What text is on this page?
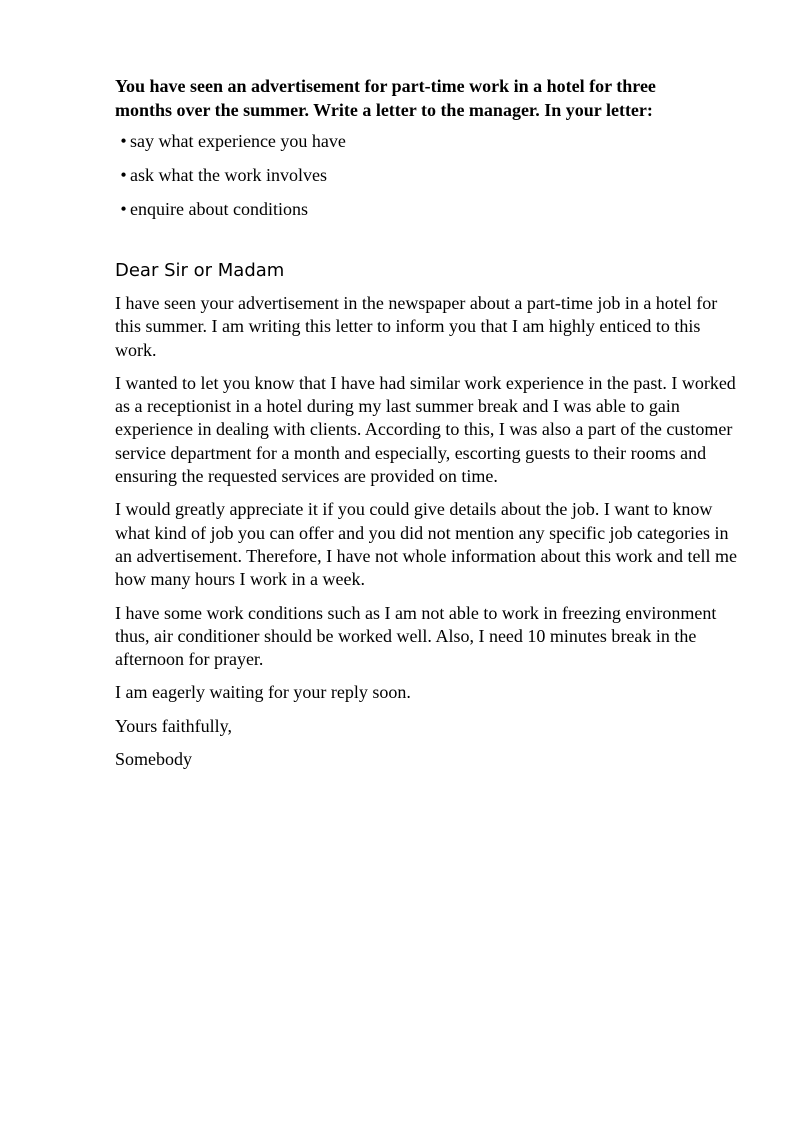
You have seen an advertisement for part-time work in a hotel for three months over the summer. Write a letter to the manager. In your letter:

• say what experience you have
• ask what the work involves
• enquire about conditions

Dear Sir or Madam

I have seen your advertisement in the newspaper about a part-time job in a hotel for this summer. I am writing this letter to inform you that I am highly enticed to this work.

I wanted to let you know that I have had similar work experience in the past. I worked as a receptionist in a hotel during my last summer break and I was able to gain experience in dealing with clients. According to this, I was also a part of the customer service department for a month and especially, escorting guests to their rooms and ensuring the requested services are provided on time.

I would greatly appreciate it if you could give details about the job. I want to know what kind of job you can offer and you did not mention any specific job categories in an advertisement. Therefore, I have not whole information about this work and tell me how many hours I work in a week.

I have some work conditions such as I am not able to work in freezing environment thus, air conditioner should be worked well. Also, I need 10 minutes break in the afternoon for prayer.

I am eagerly waiting for your reply soon.

Yours faithfully,

Somebody
